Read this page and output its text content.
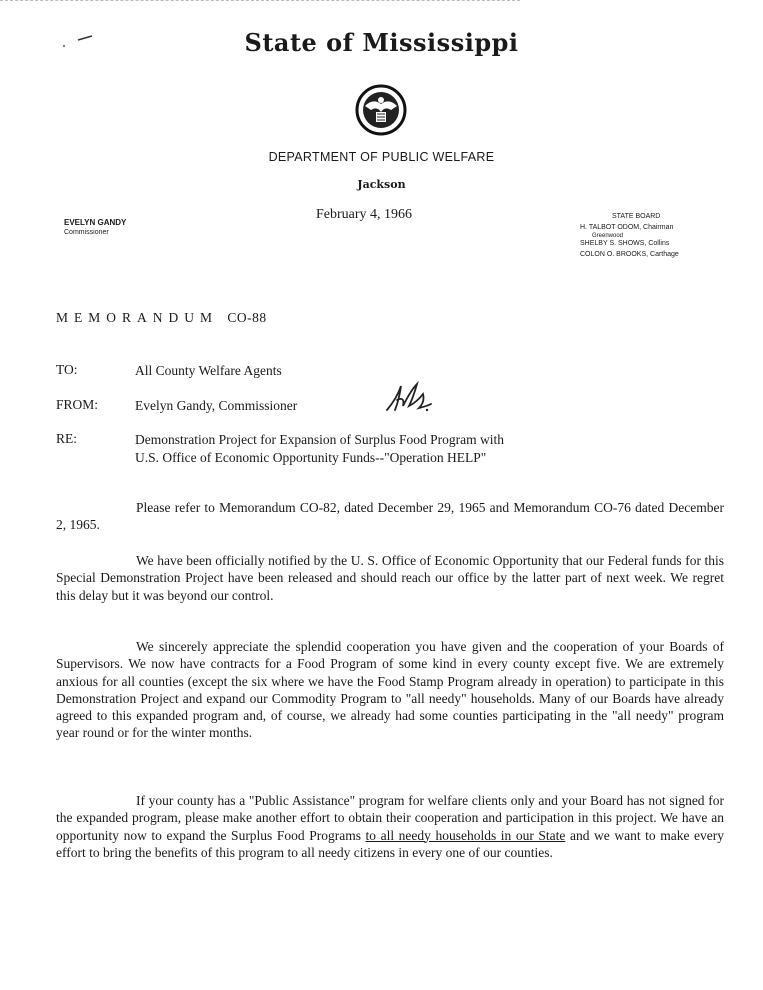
State of Mississippi
DEPARTMENT OF PUBLIC WELFARE
Jackson
February 4, 1966
EVELYN GANDY
Commissioner
STATE BOARD
H. TALBOT ODOM, Chairman
Greenwood
SHELBY S. SHOWS, Collins
COLON O. BROOKS, Carthage
MEMORANDUM CO-88
TO:	All County Welfare Agents
FROM:	Evelyn Gandy, Commissioner
RE:	Demonstration Project for Expansion of Surplus Food Program with
U.S. Office of Economic Opportunity Funds--"Operation HELP"

Please refer to Memorandum CO-82, dated December 29, 1965 and Memorandum CO-76 dated December 2, 1965.

We have been officially notified by the U. S. Office of Economic Opportunity that our Federal funds for this Special Demonstration Project have been released and should reach our office by the latter part of next week. We regret this delay but it was beyond our control.

We sincerely appreciate the splendid cooperation you have given and the cooperation of your Boards of Supervisors. We now have contracts for a Food Program of some kind in every county except five. We are extremely anxious for all counties (except the six where we have the Food Stamp Program already in operation) to participate in this Demonstration Project and expand our Commodity Program to "all needy" households. Many of our Boards have already agreed to this expanded program and, of course, we already had some counties participating in the "all needy" program year round or for the winter months.

If your county has a "Public Assistance" program for welfare clients only and your Board has not signed for the expanded program, please make another effort to obtain their cooperation and participation in this project. We have an opportunity now to expand the Surplus Food Programs to all needy households in our State and we want to make every effort to bring the benefits of this program to all needy citizens in every one of our counties.
